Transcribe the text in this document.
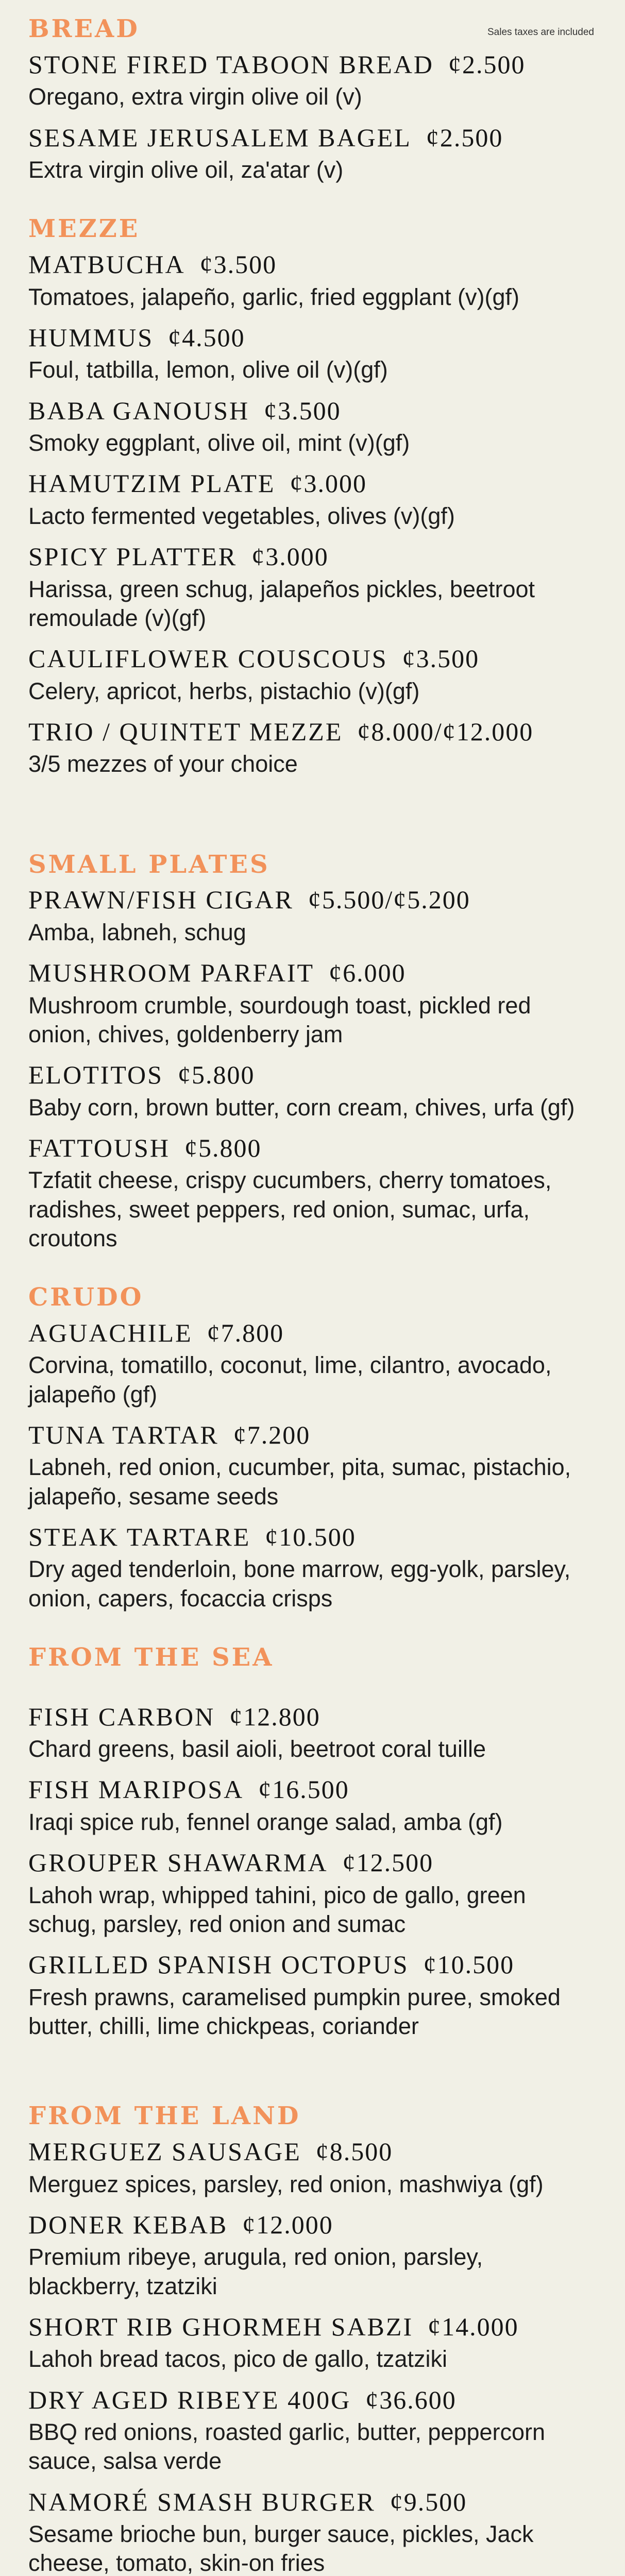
Sales taxes are included
BREAD
STONE FIRED TABOON BREAD ¢2.500
Oregano, extra virgin olive oil (v)
SESAME JERUSALEM BAGEL ¢2.500
Extra virgin olive oil, za'atar (v)
MEZZE
MATBUCHA ¢3.500
Tomatoes, jalapeño, garlic, fried eggplant (v)(gf)
HUMMUS ¢4.500
Foul, tatbilla, lemon, olive oil (v)(gf)
BABA GANOUSH ¢3.500
Smoky eggplant, olive oil, mint (v)(gf)
HAMUTZIM PLATE ¢3.000
Lacto fermented vegetables, olives (v)(gf)
SPICY PLATTER ¢3.000
Harissa, green schug, jalapeños pickles, beetroot remoulade (v)(gf)
CAULIFLOWER COUSCOUS ¢3.500
Celery, apricot, herbs, pistachio (v)(gf)
TRIO / QUINTET MEZZE ¢8.000/¢12.000
3/5 mezzes of your choice
SMALL PLATES
PRAWN/FISH CIGAR ¢5.500/¢5.200
Amba, labneh, schug
MUSHROOM PARFAIT ¢6.000
Mushroom crumble, sourdough toast, pickled red onion, chives, goldenberry jam
ELOTITOS ¢5.800
Baby corn, brown butter, corn cream, chives, urfa (gf)
FATTOUSH ¢5.800
Tzfatit cheese, crispy cucumbers, cherry tomatoes, radishes, sweet peppers, red onion, sumac, urfa, croutons
CRUDO
AGUACHILE ¢7.800
Corvina, tomatillo, coconut, lime, cilantro, avocado, jalapeño (gf)
TUNA TARTAR ¢7.200
Labneh, red onion, cucumber, pita, sumac, pistachio, jalapeño, sesame seeds
STEAK TARTARE ¢10.500
Dry aged tenderloin, bone marrow, egg-yolk, parsley, onion, capers, focaccia crisps
FROM THE SEA
FISH CARBON ¢12.800
Chard greens, basil aioli, beetroot coral tuille
FISH MARIPOSA ¢16.500
Iraqi spice rub, fennel orange salad, amba (gf)
GROUPER SHAWARMA ¢12.500
Lahoh wrap, whipped tahini, pico de gallo, green schug, parsley, red onion and sumac
GRILLED SPANISH OCTOPUS ¢10.500
Fresh prawns, caramelised pumpkin puree, smoked butter, chilli, lime chickpeas, coriander
FROM THE LAND
MERGUEZ SAUSAGE ¢8.500
Merguez spices, parsley, red onion, mashwiya (gf)
DONER KEBAB ¢12.000
Premium ribeye, arugula, red onion, parsley, blackberry, tzatziki
SHORT RIB GHORMEH SABZI ¢14.000
Lahoh bread tacos, pico de gallo, tzatziki
DRY AGED RIBEYE 400G ¢36.600
BBQ red onions, roasted garlic, butter, peppercorn sauce, salsa verde
NAMORÉ SMASH BURGER ¢9.500
Sesame brioche bun, burger sauce, pickles, Jack cheese, tomato, skin-on fries
